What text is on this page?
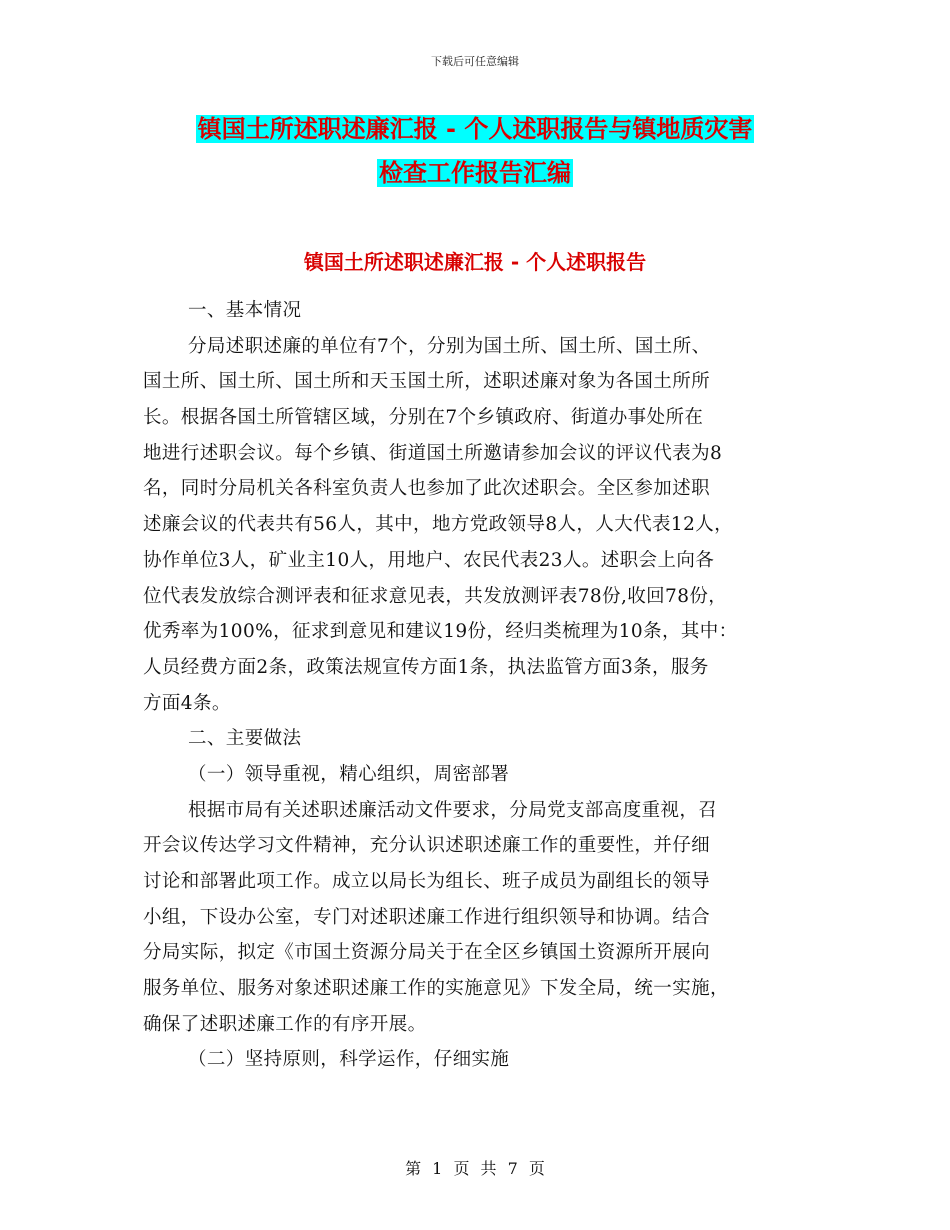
下载后可任意编辑
镇国土所述职述廉汇报 - 个人述职报告与镇地质灾害
检查工作报告汇编
镇国土所述职述廉汇报 - 个人述职报告
一、基本情况
分局述职述廉的单位有7个，分别为国土所、国土所、国土所、
国土所、国土所、国土所和天玉国土所，述职述廉对象为各国土所所
长。根据各国土所管辖区域，分别在7个乡镇政府、街道办事处所在
地进行述职会议。每个乡镇、街道国土所邀请参加会议的评议代表为8
名，同时分局机关各科室负责人也参加了此次述职会。全区参加述职
述廉会议的代表共有56人，其中，地方党政领导8人，人大代表12人，
协作单位3人，矿业主10人，用地户、农民代表23人。述职会上向各
位代表发放综合测评表和征求意见表，共发放测评表78份,收回78份，
优秀率为100%，征求到意见和建议19份，经归类梳理为10条，其中：
人员经费方面2条，政策法规宣传方面1条，执法监管方面3条，服务
方面4条。
二、主要做法
（一）领导重视，精心组织，周密部署
根据市局有关述职述廉活动文件要求，分局党支部高度重视，召
开会议传达学习文件精神，充分认识述职述廉工作的重要性，并仔细
讨论和部署此项工作。成立以局长为组长、班子成员为副组长的领导
小组，下设办公室，专门对述职述廉工作进行组织领导和协调。结合
分局实际，拟定《市国土资源分局关于在全区乡镇国土资源所开展向
服务单位、服务对象述职述廉工作的实施意见》下发全局，统一实施，
确保了述职述廉工作的有序开展。
（二）坚持原则，科学运作，仔细实施
第 1 页 共 7 页
